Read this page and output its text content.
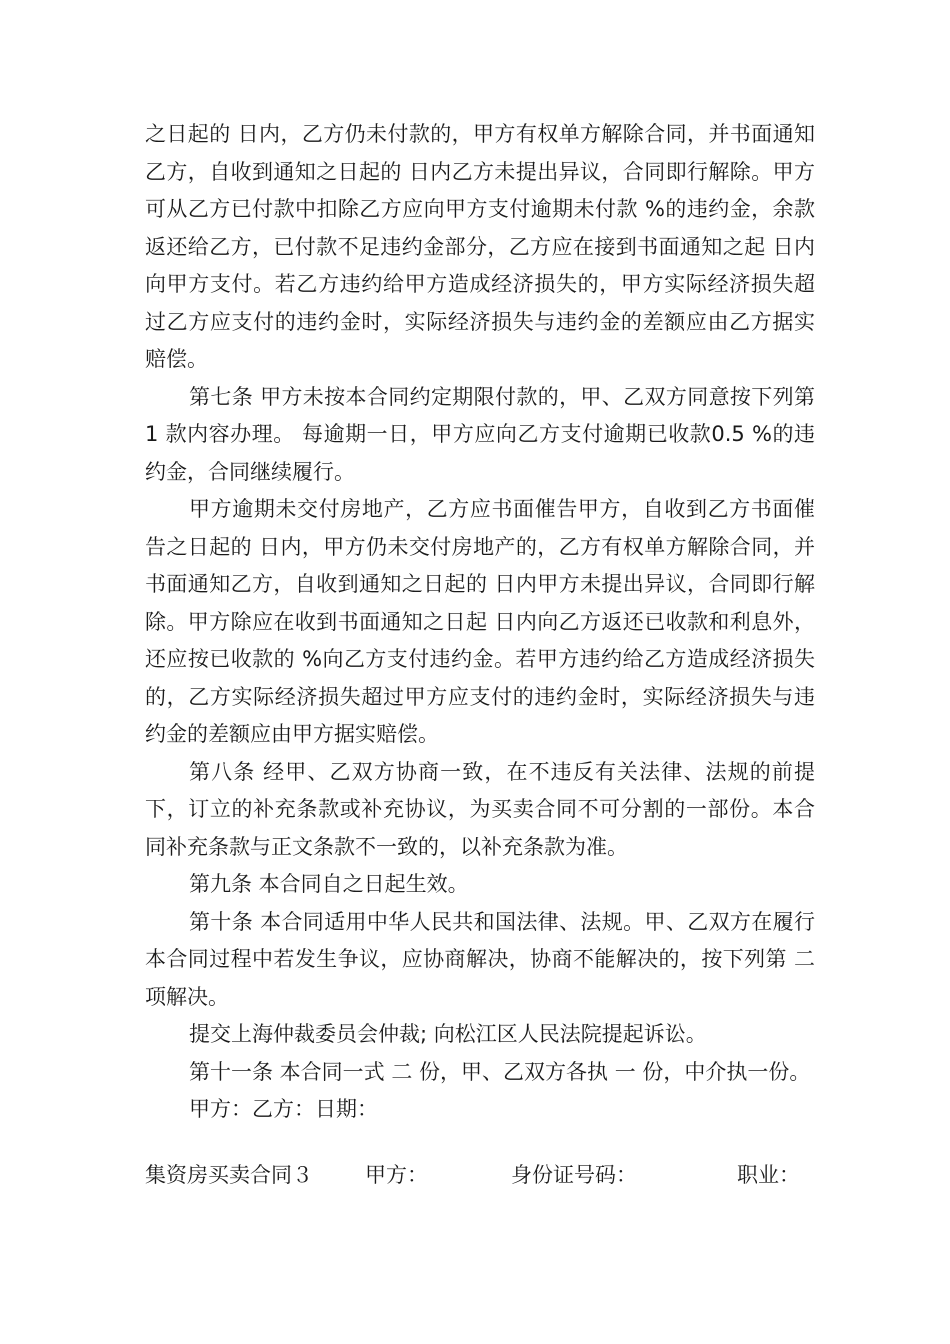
之日起的 日内，乙方仍未付款的，甲方有权单方解除合同，并书面通知乙方，自收到通知之日起的 日内乙方未提出异议，合同即行解除。甲方可从乙方已付款中扣除乙方应向甲方支付逾期未付款 %的违约金，余款返还给乙方，已付款不足违约金部分，乙方应在接到书面通知之起 日内向甲方支付。若乙方违约给甲方造成经济损失的，甲方实际经济损失超过乙方应支付的违约金时，实际经济损失与违约金的差额应由乙方据实赔偿。

第七条 甲方未按本合同约定期限付款的，甲、乙双方同意按下列第 1 款内容办理。 每逾期一日，甲方应向乙方支付逾期已收款0.5 %的违约金，合同继续履行。

甲方逾期未交付房地产，乙方应书面催告甲方，自收到乙方书面催告之日起的 日内，甲方仍未交付房地产的，乙方有权单方解除合同，并书面通知乙方，自收到通知之日起的 日内甲方未提出异议，合同即行解除。甲方除应在收到书面通知之日起 日内向乙方返还已收款和利息外，还应按已收款的 %向乙方支付违约金。若甲方违约给乙方造成经济损失的，乙方实际经济损失超过甲方应支付的违约金时，实际经济损失与违约金的差额应由甲方据实赔偿。

第八条 经甲、乙双方协商一致，在不违反有关法律、法规的前提下，订立的补充条款或补充协议，为买卖合同不可分割的一部份。本合同补充条款与正文条款不一致的，以补充条款为准。

第九条 本合同自之日起生效。

第十条 本合同适用中华人民共和国法律、法规。甲、乙双方在履行本合同过程中若发生争议，应协商解决，协商不能解决的，按下列第 二 项解决。

提交上海仲裁委员会仲裁; 向松江区人民法院提起诉讼。

第十一条 本合同一式 二 份，甲、乙双方各执 一 份，中介执一份。

甲方：乙方：日期：

集资房买卖合同３ 甲方：	身份证号码：	职业：
